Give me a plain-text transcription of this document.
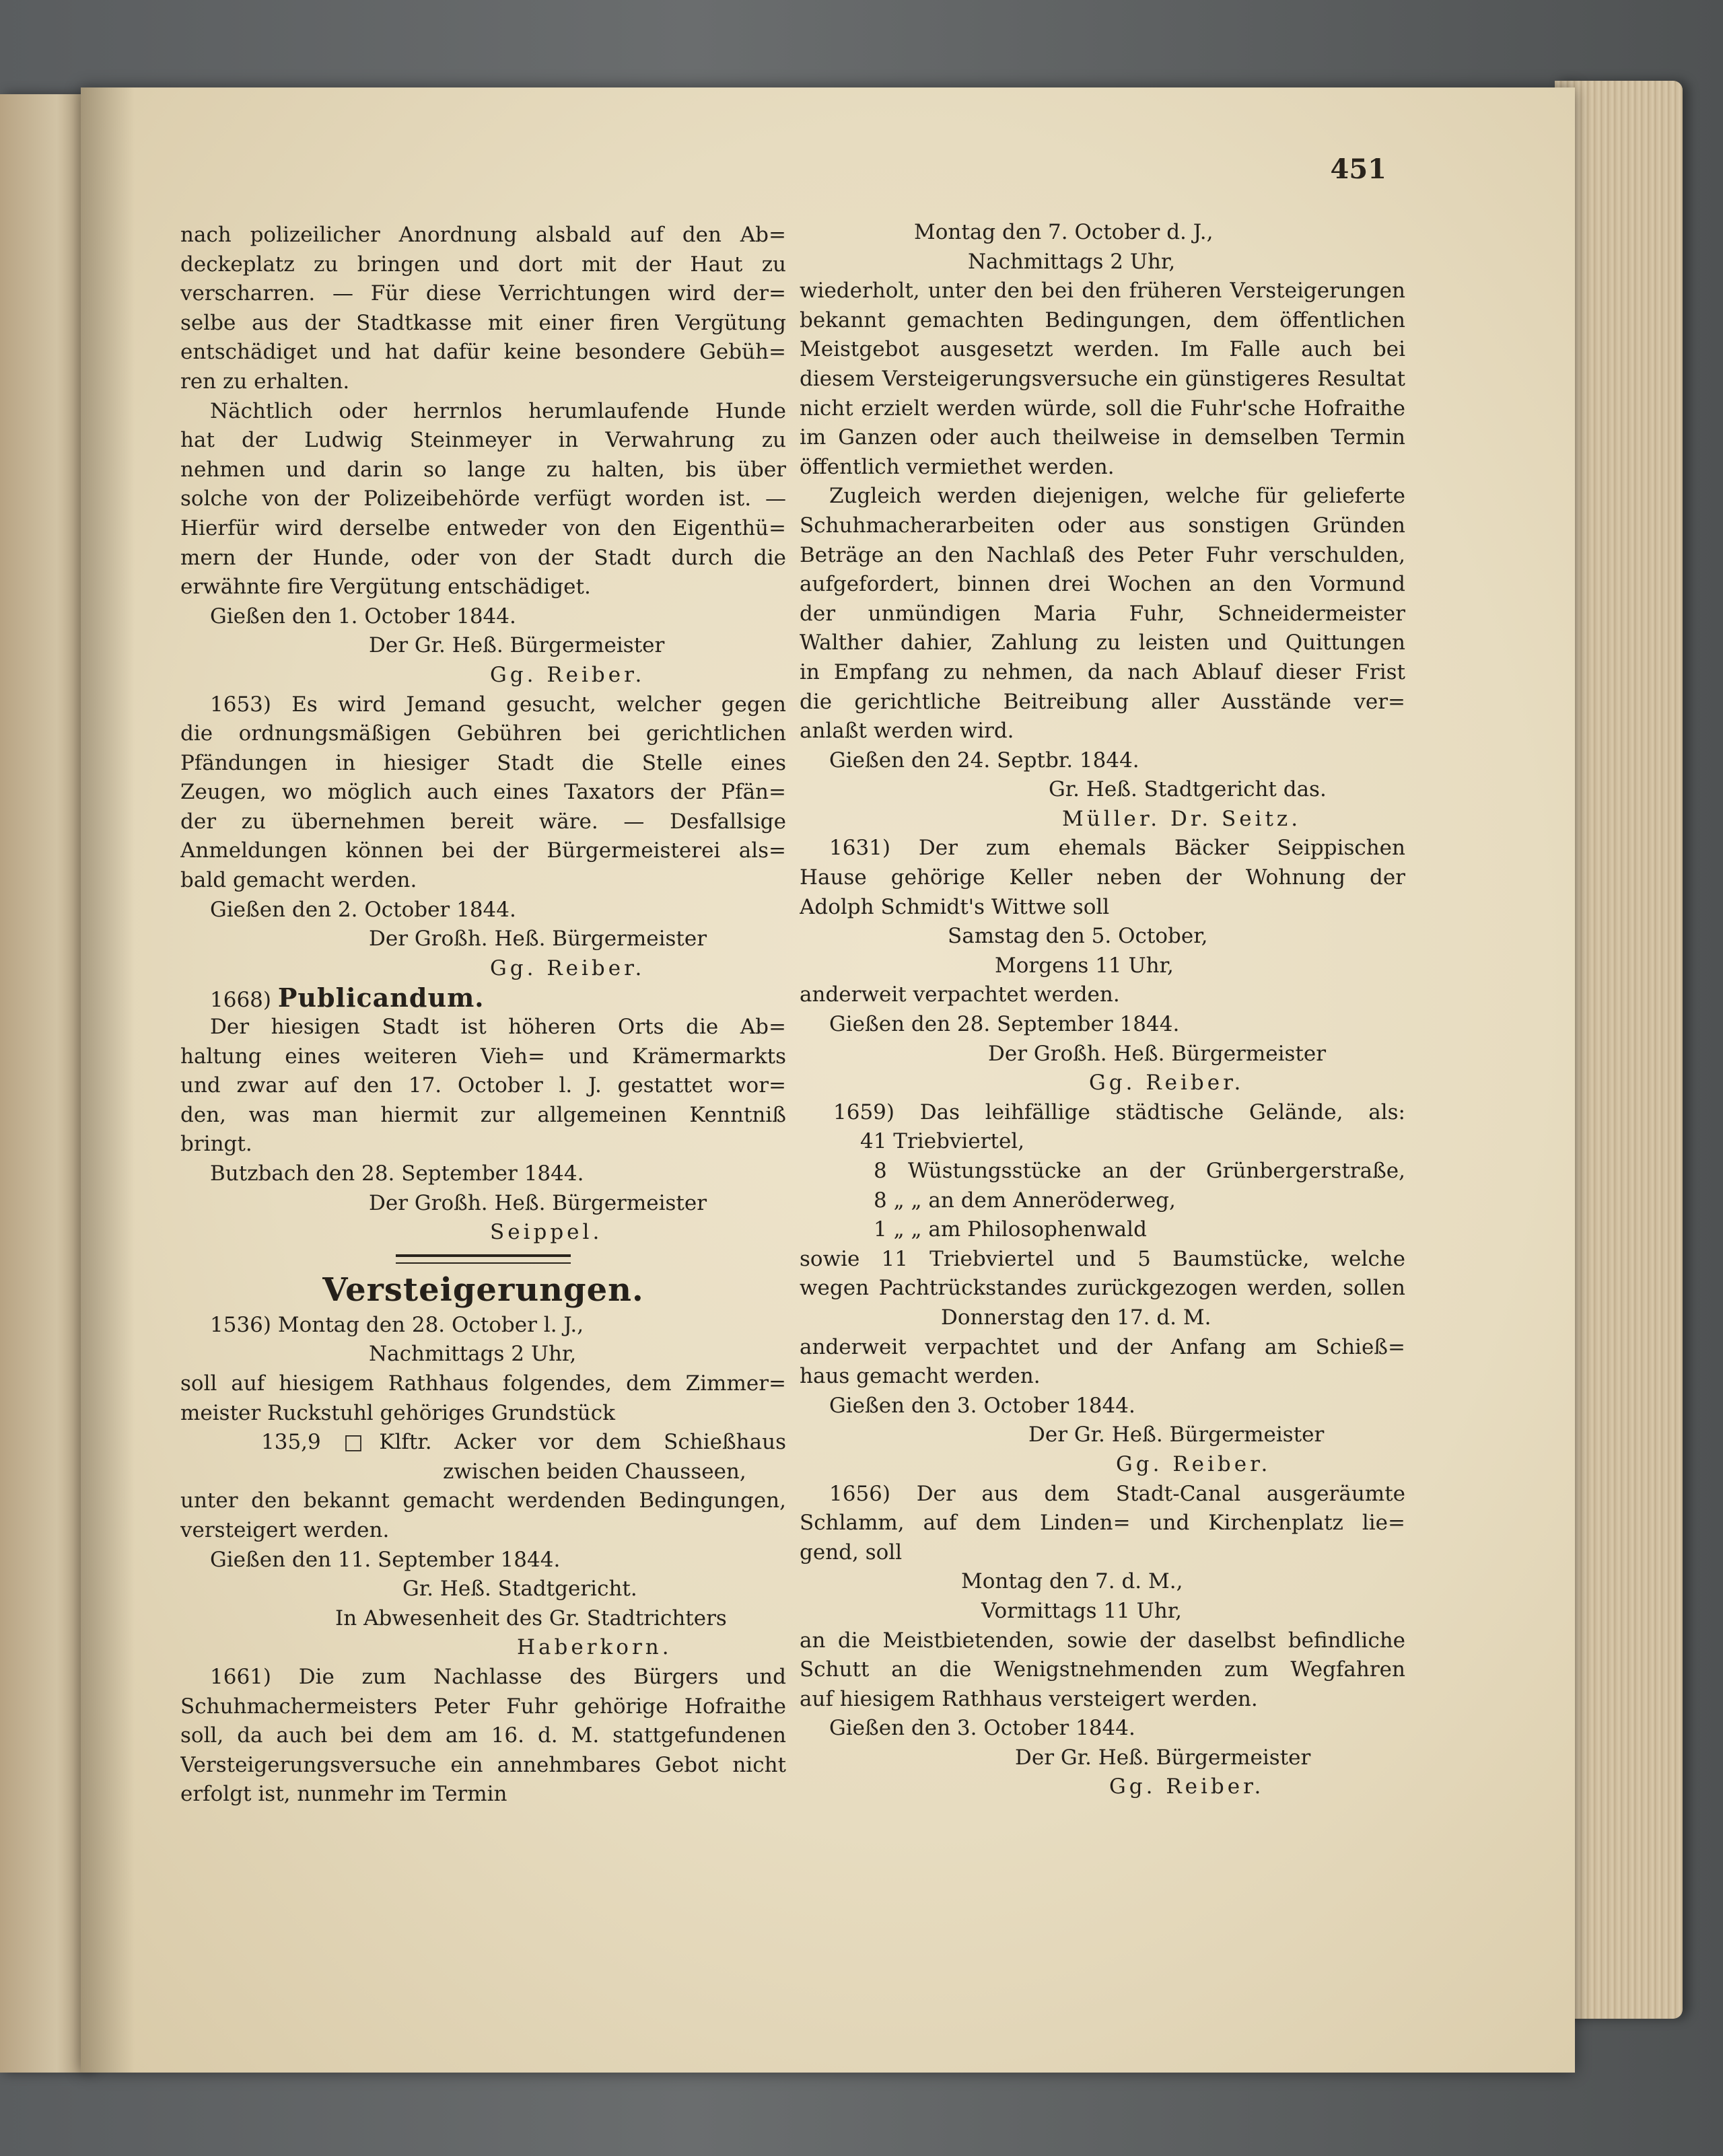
451
nach polizeilicher Anordnung alsbald auf den Ab=
deckeplatz zu bringen und dort mit der Haut zu
verscharren. — Für diese Verrichtungen wird der=
selbe aus der Stadtkasse mit einer firen Vergütung
entschädiget und hat dafür keine besondere Gebüh=
ren zu erhalten.
Nächtlich oder herrnlos herumlaufende Hunde
hat der Ludwig Steinmeyer in Verwahrung zu
nehmen und darin so lange zu halten, bis über
solche von der Polizeibehörde verfügt worden ist. —
Hierfür wird derselbe entweder von den Eigenthü=
mern der Hunde, oder von der Stadt durch die
erwähnte fire Vergütung entschädiget.
Gießen den 1. October 1844.
Der Gr. Heß. Bürgermeister
Gg. Reiber.
1653) Es wird Jemand gesucht, welcher gegen
die ordnungsmäßigen Gebühren bei gerichtlichen
Pfändungen in hiesiger Stadt die Stelle eines
Zeugen, wo möglich auch eines Taxators der Pfän=
der zu übernehmen bereit wäre. — Desfallsige
Anmeldungen können bei der Bürgermeisterei als=
bald gemacht werden.
Gießen den 2. October 1844.
Der Großh. Heß. Bürgermeister
Gg. Reiber.
1668) Publicandum.
Der hiesigen Stadt ist höheren Orts die Ab=
haltung eines weiteren Vieh= und Krämermarkts
und zwar auf den 17. October l. J. gestattet wor=
den, was man hiermit zur allgemeinen Kenntniß
bringt.
Butzbach den 28. September 1844.
Der Großh. Heß. Bürgermeister
Seippel.
Versteigerungen.
1536) Montag den 28. October l. J.,
Nachmittags 2 Uhr,
soll auf hiesigem Rathhaus folgendes, dem Zimmer=
meister Ruckstuhl gehöriges Grundstück
135,9 □Klftr. Acker vor dem Schießhaus
zwischen beiden Chausseen,
unter den bekannt gemacht werdenden Bedingungen,
versteigert werden.
Gießen den 11. September 1844.
Gr. Heß. Stadtgericht.
In Abwesenheit des Gr. Stadtrichters
Haberkorn.
1661) Die zum Nachlasse des Bürgers und
Schuhmachermeisters Peter Fuhr gehörige Hofraithe
soll, da auch bei dem am 16. d. M. stattgefundenen
Versteigerungsversuche ein annehmbares Gebot nicht
erfolgt ist, nunmehr im Termin
Montag den 7. October d. J.,
Nachmittags 2 Uhr,
wiederholt, unter den bei den früheren Versteigerungen
bekannt gemachten Bedingungen, dem öffentlichen
Meistgebot ausgesetzt werden. Im Falle auch bei
diesem Versteigerungsversuche ein günstigeres Resultat
nicht erzielt werden würde, soll die Fuhr'sche Hofraithe
im Ganzen oder auch theilweise in demselben Termin
öffentlich vermiethet werden.
Zugleich werden diejenigen, welche für gelieferte
Schuhmacherarbeiten oder aus sonstigen Gründen
Beträge an den Nachlaß des Peter Fuhr verschulden,
aufgefordert, binnen drei Wochen an den Vormund
der unmündigen Maria Fuhr, Schneidermeister
Walther dahier, Zahlung zu leisten und Quittungen
in Empfang zu nehmen, da nach Ablauf dieser Frist
die gerichtliche Beitreibung aller Ausstände ver=
anlaßt werden wird.
Gießen den 24. Septbr. 1844.
Gr. Heß. Stadtgericht das.
Müller. Dr. Seitz.
1631) Der zum ehemals Bäcker Seippischen
Hause gehörige Keller neben der Wohnung der
Adolph Schmidt's Wittwe soll
Samstag den 5. October,
Morgens 11 Uhr,
anderweit verpachtet werden.
Gießen den 28. September 1844.
Der Großh. Heß. Bürgermeister
Gg. Reiber.
1659) Das leihfällige städtische Gelände, als:
41 Triebviertel,
8 Wüstungsstücke an der Grünbergerstraße,
8 „ „ an dem Anneröderweg,
1 „ „ am Philosophenwald
sowie 11 Triebviertel und 5 Baumstücke, welche
wegen Pachtrückstandes zurückgezogen werden, sollen
Donnerstag den 17. d. M.
anderweit verpachtet und der Anfang am Schieß=
haus gemacht werden.
Gießen den 3. October 1844.
Der Gr. Heß. Bürgermeister
Gg. Reiber.
1656) Der aus dem Stadt-Canal ausgeräumte
Schlamm, auf dem Linden= und Kirchenplatz lie=
gend, soll
Montag den 7. d. M.,
Vormittags 11 Uhr,
an die Meistbietenden, sowie der daselbst befindliche
Schutt an die Wenigstnehmenden zum Wegfahren
auf hiesigem Rathhaus versteigert werden.
Gießen den 3. October 1844.
Der Gr. Heß. Bürgermeister
Gg. Reiber.
